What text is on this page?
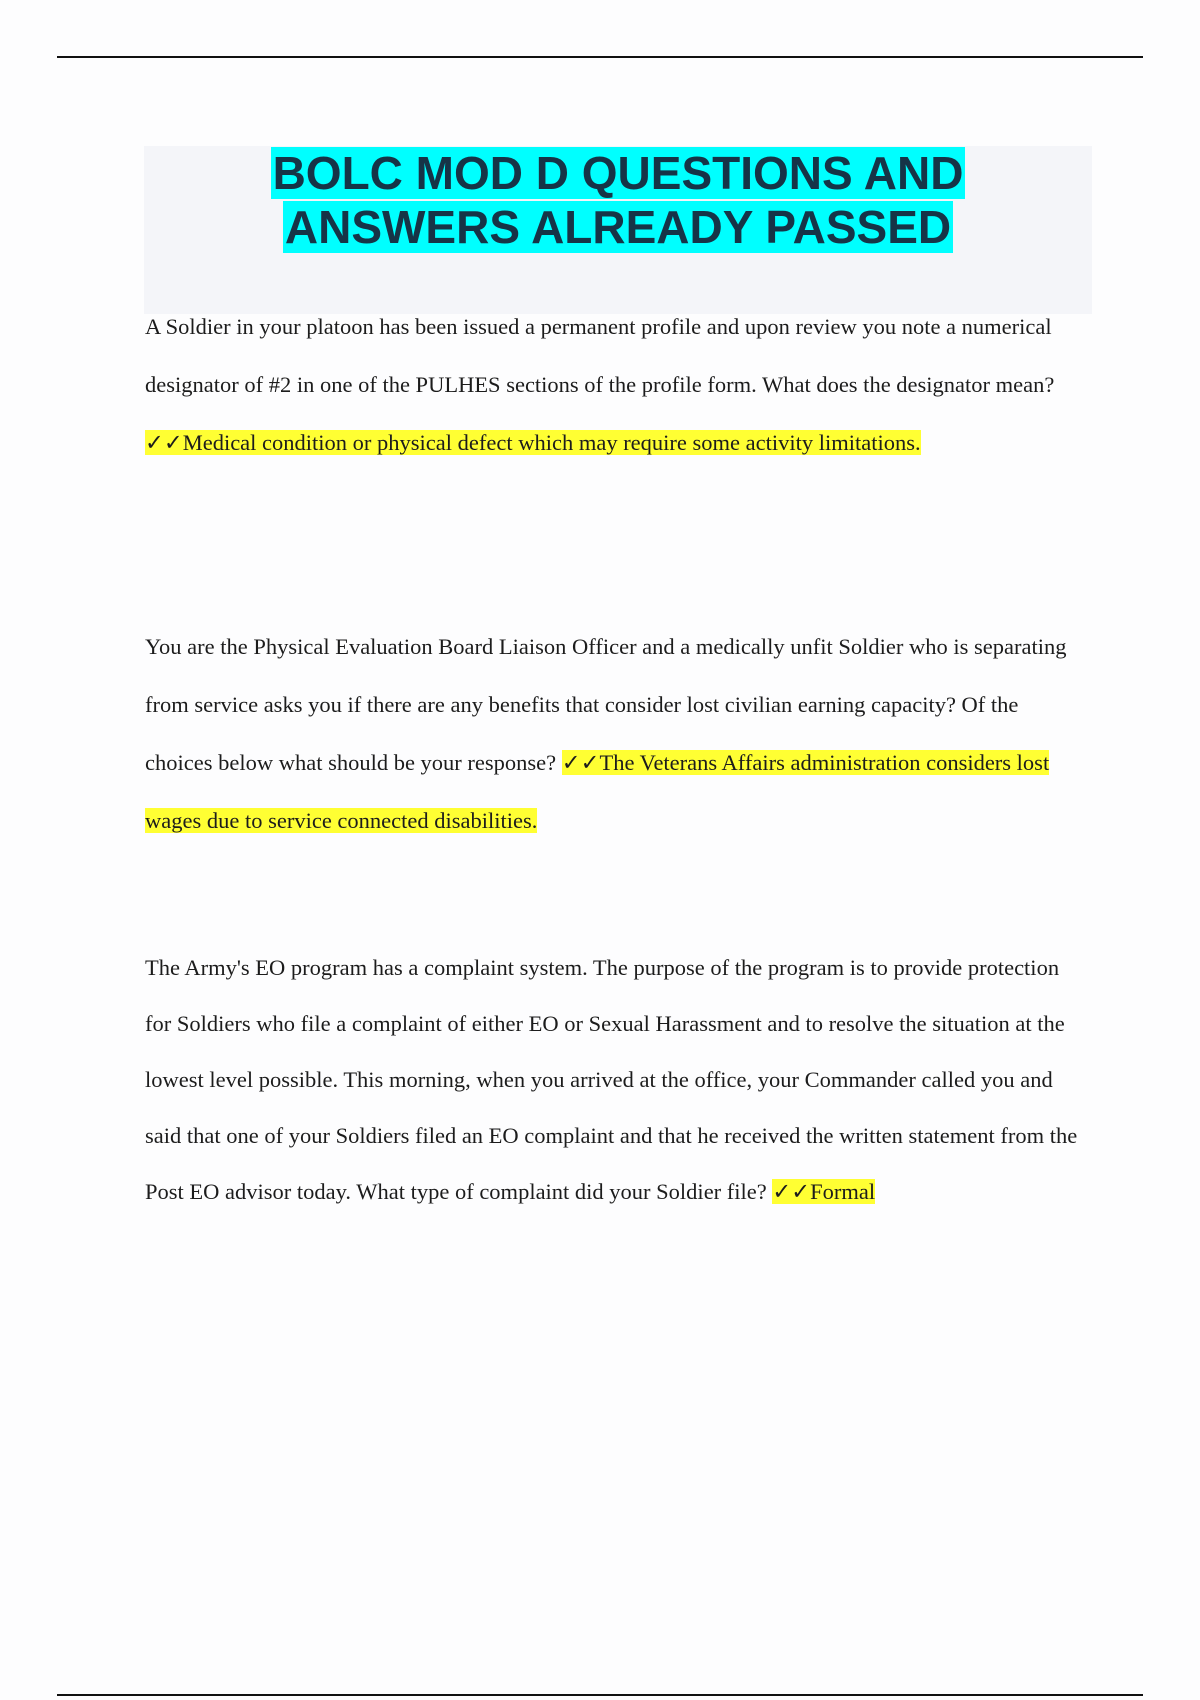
BOLC MOD D QUESTIONS AND
ANSWERS ALREADY PASSED

A Soldier in your platoon has been issued a permanent profile and upon review you note a numerical designator of #2 in one of the PULHES sections of the profile form. What does the designator mean? ✓✓Medical condition or physical defect which may require some activity limitations.

You are the Physical Evaluation Board Liaison Officer and a medically unfit Soldier who is separating from service asks you if there are any benefits that consider lost civilian earning capacity? Of the choices below what should be your response? ✓✓The Veterans Affairs administration considers lost wages due to service connected disabilities.

The Army's EO program has a complaint system. The purpose of the program is to provide protection for Soldiers who file a complaint of either EO or Sexual Harassment and to resolve the situation at the lowest level possible. This morning, when you arrived at the office, your Commander called you and said that one of your Soldiers filed an EO complaint and that he received the written statement from the Post EO advisor today. What type of complaint did your Soldier file? ✓✓Formal
